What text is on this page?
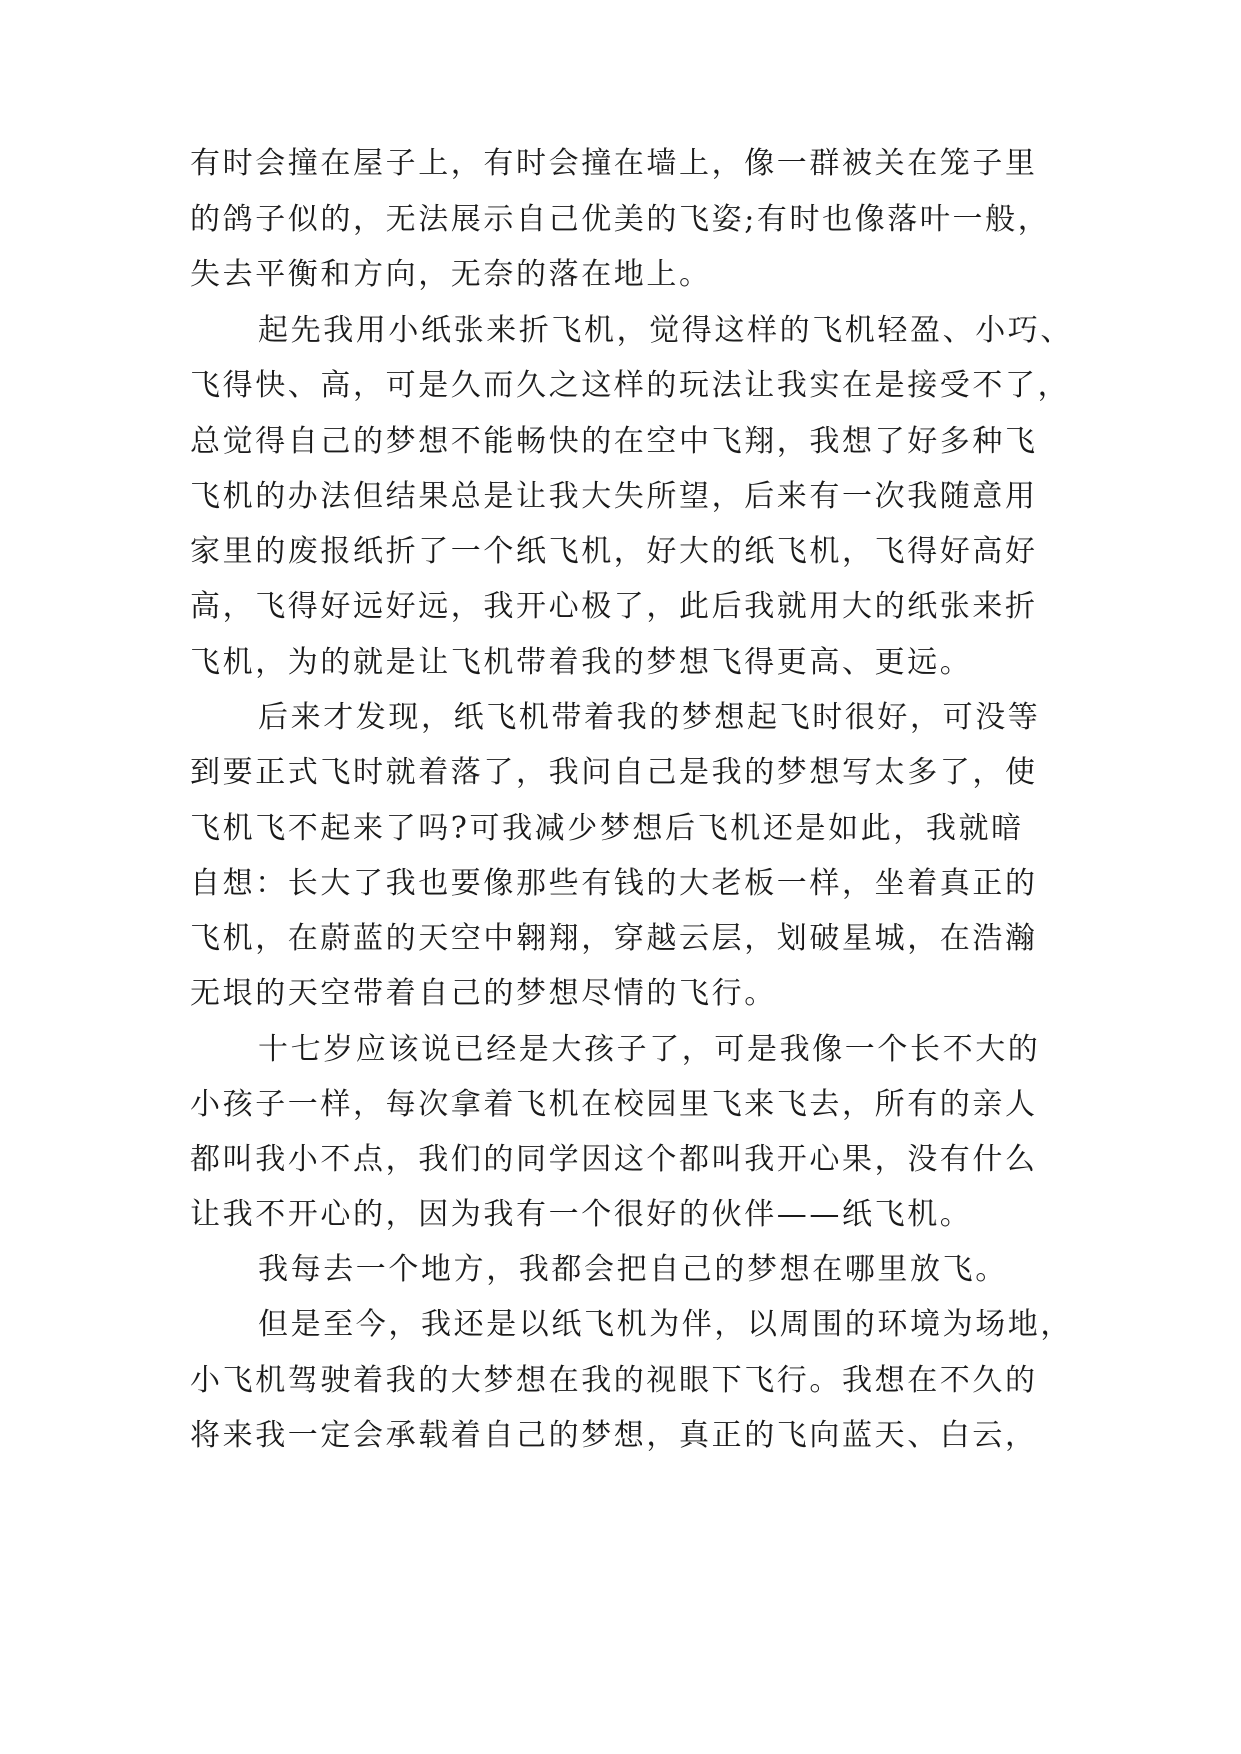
有时会撞在屋子上，有时会撞在墙上，像一群被关在笼子里
的鸽子似的，无法展示自己优美的飞姿;有时也像落叶一般，
失去平衡和方向，无奈的落在地上。
起先我用小纸张来折飞机，觉得这样的飞机轻盈、小巧、
飞得快、高，可是久而久之这样的玩法让我实在是接受不了，
总觉得自己的梦想不能畅快的在空中飞翔，我想了好多种飞
飞机的办法但结果总是让我大失所望，后来有一次我随意用
家里的废报纸折了一个纸飞机，好大的纸飞机，飞得好高好
高，飞得好远好远，我开心极了，此后我就用大的纸张来折
飞机，为的就是让飞机带着我的梦想飞得更高、更远。
后来才发现，纸飞机带着我的梦想起飞时很好，可没等
到要正式飞时就着落了，我问自己是我的梦想写太多了，使
飞机飞不起来了吗?可我减少梦想后飞机还是如此，我就暗
自想：长大了我也要像那些有钱的大老板一样，坐着真正的
飞机，在蔚蓝的天空中翱翔，穿越云层，划破星城，在浩瀚
无垠的天空带着自己的梦想尽情的飞行。
十七岁应该说已经是大孩子了，可是我像一个长不大的
小孩子一样，每次拿着飞机在校园里飞来飞去，所有的亲人
都叫我小不点，我们的同学因这个都叫我开心果，没有什么
让我不开心的，因为我有一个很好的伙伴——纸飞机。
我每去一个地方，我都会把自己的梦想在哪里放飞。
但是至今，我还是以纸飞机为伴，以周围的环境为场地，
小飞机驾驶着我的大梦想在我的视眼下飞行。我想在不久的
将来我一定会承载着自己的梦想，真正的飞向蓝天、白云，
